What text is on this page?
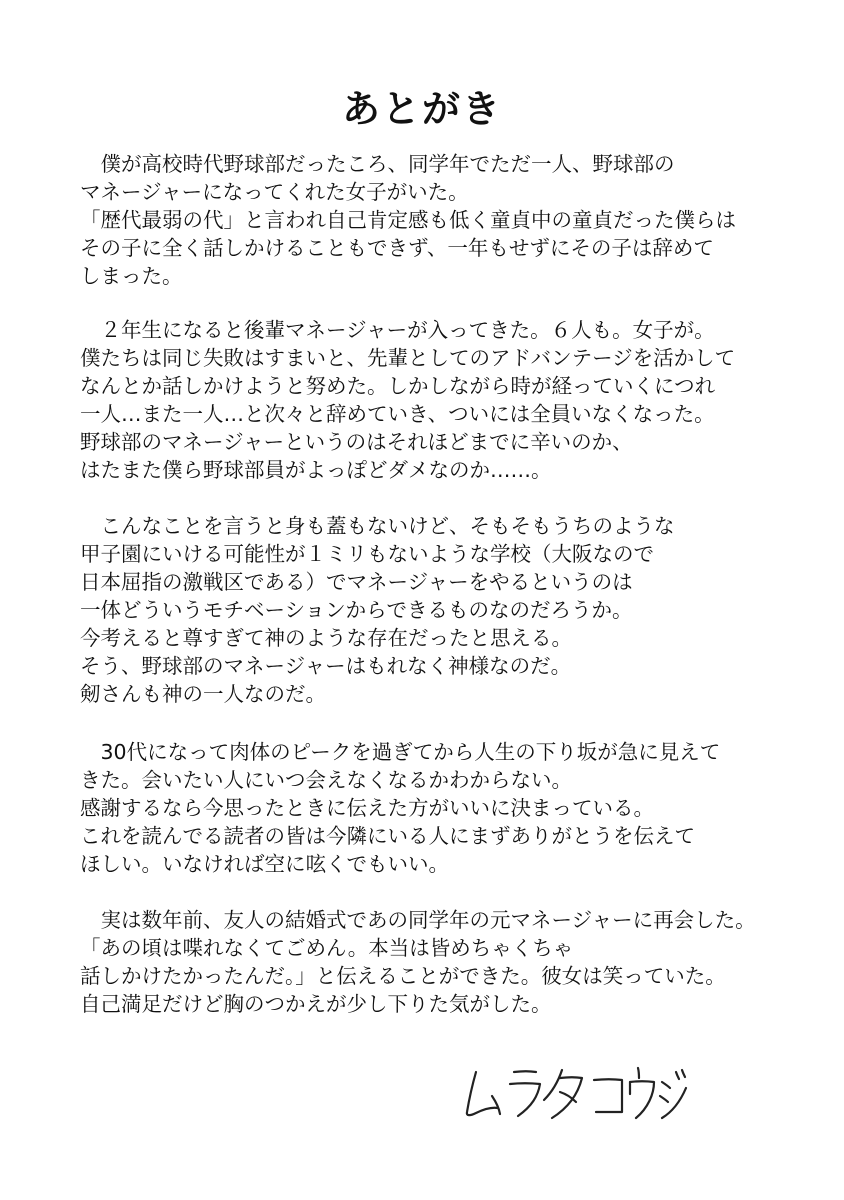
あとがき

　僕が高校時代野球部だったころ、同学年でただ一人、野球部の

マネージャーになってくれた女子がいた。

「歴代最弱の代」と言われ自己肯定感も低く童貞中の童貞だった僕らは

その子に全く話しかけることもできず、一年もせずにその子は辞めて

しまった。

　２年生になると後輩マネージャーが入ってきた。６人も。女子が。

僕たちは同じ失敗はすまいと、先輩としてのアドバンテージを活かして

なんとか話しかけようと努めた。しかしながら時が経っていくにつれ

一人…また一人…と次々と辞めていき、ついには全員いなくなった。

野球部のマネージャーというのはそれほどまでに辛いのか、

はたまた僕ら野球部員がよっぽどダメなのか……。

　こんなことを言うと身も蓋もないけど、そもそもうちのような

甲子園にいける可能性が１ミリもないような学校（大阪なので

日本屈指の激戦区である）でマネージャーをやるというのは

一体どういうモチベーションからできるものなのだろうか。

今考えると尊すぎて神のような存在だったと思える。

そう、野球部のマネージャーはもれなく神様なのだ。

剱さんも神の一人なのだ。

　30代になって肉体のピークを過ぎてから人生の下り坂が急に見えて

きた。会いたい人にいつ会えなくなるかわからない。

感謝するなら今思ったときに伝えた方がいいに決まっている。

これを読んでる読者の皆は今隣にいる人にまずありがとうを伝えて

ほしい。いなければ空に呟くでもいい。

　実は数年前、友人の結婚式であの同学年の元マネージャーに再会した。

「あの頃は喋れなくてごめん。本当は皆めちゃくちゃ

話しかけたかったんだ。」と伝えることができた。彼女は笑っていた。

自己満足だけど胸のつかえが少し下りた気がした。
